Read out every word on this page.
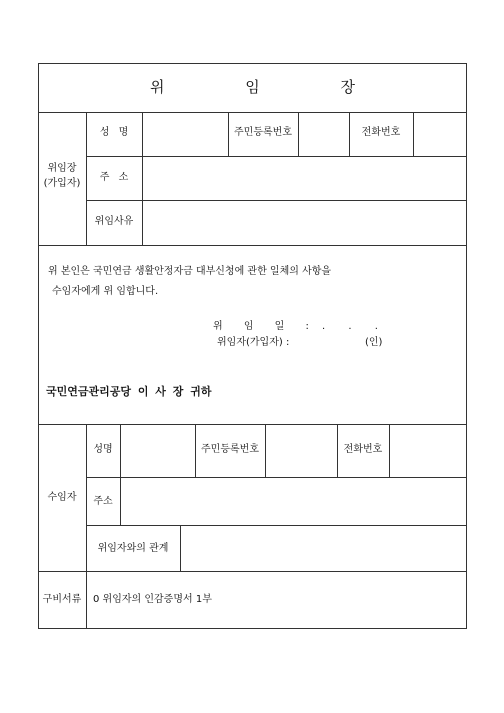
위 임 장
위임장
(가입자)
성 명	주민등록번호	전화번호
주 소
위임사유
위 본인은 국민연금 생활안정자금 대부신청에 관한 일체의 사항을
수임자에게 위 임합니다.
위 임 일 : . . .
위임자(가입자) :	(인)
국민연금관리공당 이 사 장 귀하
수임자
성명	주민등록번호	전화번호
주소
위임자와의 관계
구비서류	0 위임자의 인감증명서 1부
